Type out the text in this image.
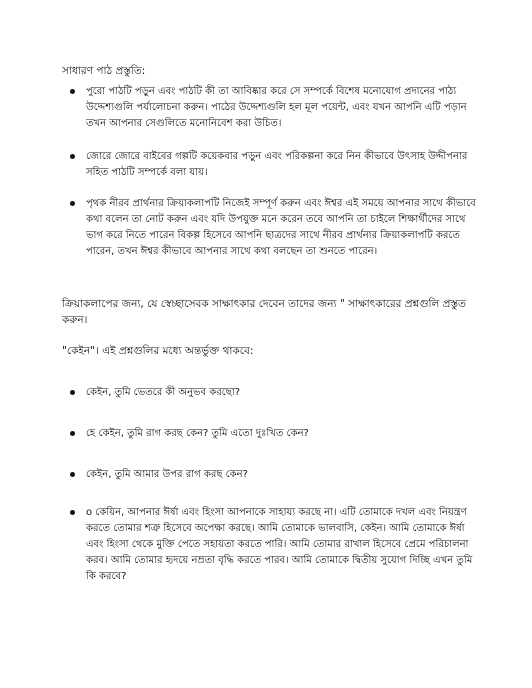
সাধারণ পাঠ প্রস্তুতি:
পুরো পাঠটি পড়ুন এবং পাঠটি কী তা আবিষ্কার করে সে সম্পর্কে বিশেষ মনোযোগ প্রদানের পাঠ্য উদ্দেশ্যগুলি পর্যালোচনা করুন। পাঠের উদ্দেশ্যগুলি হল মূল পয়েন্ট, এবং যখন আপনি এটি পড়ান তখন আপনার সেগুলিতে মনোনিবেশ করা উচিত।
জোরে জোরে বাইবের গল্পটি কয়েকবার পড়ুন এবং পরিকল্পনা করে নিন কীভাবে উৎসাহ উদ্দীপনার সহিত পাঠটি সম্পর্কে বলা যায়।
পৃথক নীরব প্রার্থনার ক্রিয়াকলাপটি নিজেই সম্পূর্ণ করুন এবং ঈশ্বর এই সময়ে আপনার সাথে কীভাবে কথা বলেন তা নোট করুন এবং যদি উপযুক্ত মনে করেন তবে আপনি তা চাইলে শিক্ষার্থীদের সাথে ভাগ করে নিতে পারেন বিকল্প হিসেবে আপনি ছাত্রদের সাথে নীরব প্রার্থনার ক্রিয়াকলাপটি করতে পারেন, তখন ঈশ্বর কীভাবে আপনার সাথে কথা বলছেন তা শুনতে পারেন।
ক্রিয়াকলাপের জন্য, যে স্বেচ্ছাসেবক সাক্ষাৎকার দেবেন তাদের জন্য " সাক্ষাৎকারের প্রশ্নগুলি প্রস্তুত করুন।
"কেইন"। এই প্রশ্নগুলির মধ্যে অন্তর্ভুক্ত থাকবে:
কেইন, তুমি ভেতরে কী অনুভব করছো?
হে কেইন, তুমি রাগ করছ কেন? তুমি এতো দুঃখিত কেন?
কেইন, তুমি আমার উপর রাগ করছ কেন?
o কেয়িন, আপনার ঈর্ষা এবং হিংসা আপনাকে সাহায্য করছে না। এটি তোমাকে দখল এবং নিয়ন্ত্রণ করতে তোমার শত্রু হিসেবে অপেক্ষা করছে। আমি তোমাকে ভালবাসি, কেইন। আমি তোমাকে ঈর্ষা এবং হিংসা থেকে মুক্তি পেতে সহায়তা করতে পারি। আমি তোমার রাখাল হিসেবে প্রেমে পরিচালনা করব। আমি তোমার হৃদয়ে নম্রতা বৃদ্ধি করতে পারব। আমি তোমাকে দ্বিতীয় সুযোগ দিচ্ছি এখন তুমি কি করবে?
